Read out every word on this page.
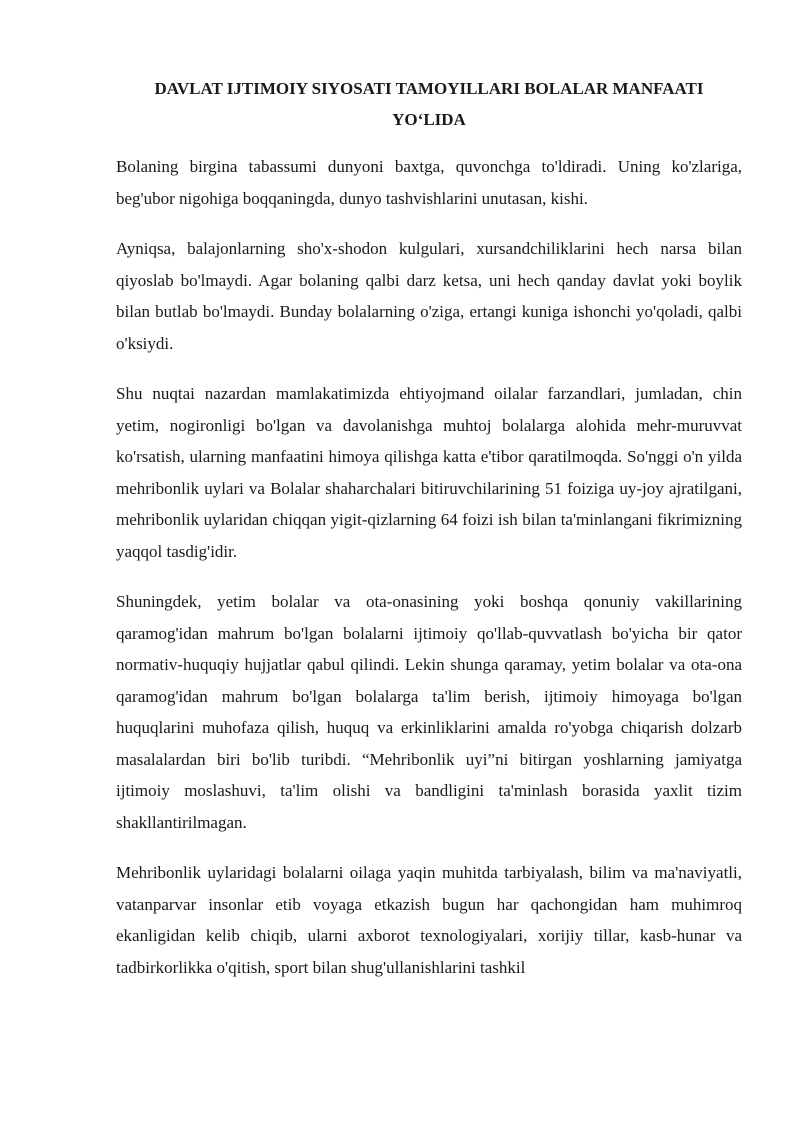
DAVLAT IJTIMOIY SIYOSATI TAMOYILLARI BOLALAR MANFAATI YO‘LIDA

Bolaning birgina tabassumi dunyoni baxtga, quvonchga to'ldiradi. Uning ko'zlariga, beg'ubor nigohiga boqqaningda, dunyo tashvishlarini unutasan, kishi.

Ayniqsa, balajonlarning sho'x-shodon kulgulari, xursandchiliklarini hech narsa bilan qiyoslab bo'lmaydi. Agar bolaning qalbi darz ketsa, uni hech qanday davlat yoki boylik bilan butlab bo'lmaydi. Bunday bolalarning o'ziga, ertangi kuniga ishonchi yo'qoladi, qalbi o'ksiydi.

Shu nuqtai nazardan mamlakatimizda ehtiyojmand oilalar farzandlari, jumladan, chin yetim, nogironligi bo'lgan va davolanishga muhtoj bolalarga alohida mehr-muruvvat ko'rsatish, ularning manfaatini himoya qilishga katta e'tibor qaratilmoqda. So'nggi o'n yilda mehribonlik uylari va Bolalar shaharchalari bitiruvchilarining 51 foiziga uy-joy ajratilgani, mehribonlik uylaridan chiqqan yigit-qizlarning 64 foizi ish bilan ta'minlangani fikrimizning yaqqol tasdig'idir.

Shuningdek, yetim bolalar va ota-onasining yoki boshqa qonuniy vakillarining qaramog'idan mahrum bo'lgan bolalarni ijtimoiy qo'llab-quvvatlash bo'yicha bir qator normativ-huquqiy hujjatlar qabul qilindi. Lekin shunga qaramay, yetim bolalar va ota-ona qaramog'idan mahrum bo'lgan bolalarga ta'lim berish, ijtimoiy himoyaga bo'lgan huquqlarini muhofaza qilish, huquq va erkinliklarini amalda ro'yobga chiqarish dolzarb masalalardan biri bo'lib turibdi. “Mehribonlik uyi”ni bitirgan yoshlarning jamiyatga ijtimoiy moslashuvi, ta'lim olishi va bandligini ta'minlash borasida yaxlit tizim shakllantirilmagan.

Mehribonlik uylaridagi bolalarni oilaga yaqin muhitda tarbiyalash, bilim va ma'naviyatli, vatanparvar insonlar etib voyaga etkazish bugun har qachongidan ham muhimroq ekanligidan kelib chiqib, ularni axborot texnologiyalari, xorijiy tillar, kasb-hunar va tadbirkorlikka o'qitish, sport bilan shug'ullanishlarini tashkil
